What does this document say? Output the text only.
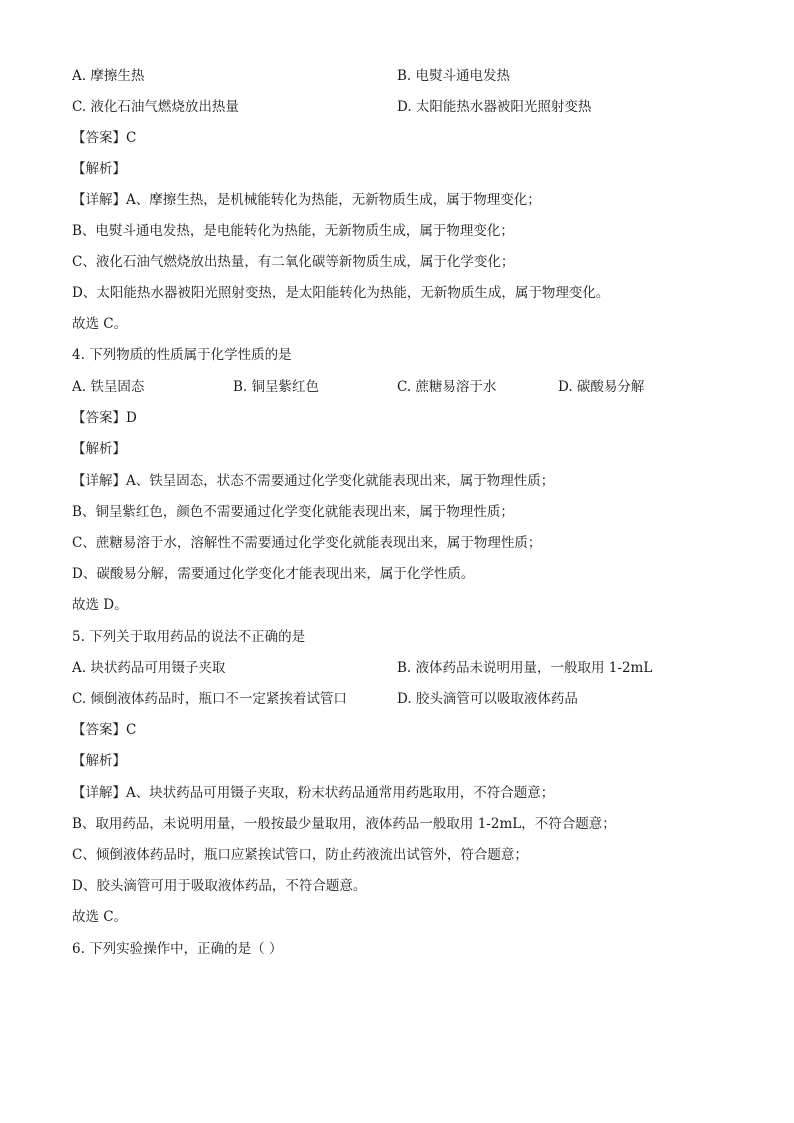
A. 摩擦生热	B. 电熨斗通电发热
C. 液化石油气燃烧放出热量	D. 太阳能热水器被阳光照射变热
【答案】C
【解析】
【详解】A、摩擦生热，是机械能转化为热能，无新物质生成，属于物理变化；
B、电熨斗通电发热，是电能转化为热能，无新物质生成，属于物理变化；
C、液化石油气燃烧放出热量，有二氧化碳等新物质生成，属于化学变化；
D、太阳能热水器被阳光照射变热，是太阳能转化为热能，无新物质生成，属于物理变化。
故选 C。
4. 下列物质的性质属于化学性质的是
A. 铁呈固态	B. 铜呈紫红色	C. 蔗糖易溶于水	D. 碳酸易分解
【答案】D
【解析】
【详解】A、铁呈固态，状态不需要通过化学变化就能表现出来，属于物理性质；
B、铜呈紫红色，颜色不需要通过化学变化就能表现出来，属于物理性质；
C、蔗糖易溶于水，溶解性不需要通过化学变化就能表现出来，属于物理性质；
D、碳酸易分解，需要通过化学变化才能表现出来，属于化学性质。
故选 D。
5. 下列关于取用药品的说法不正确的是
A. 块状药品可用镊子夹取	B. 液体药品未说明用量，一般取用 1-2mL
C. 倾倒液体药品时，瓶口不一定紧挨着试管口	D. 胶头滴管可以吸取液体药品
【答案】C
【解析】
【详解】A、块状药品可用镊子夹取，粉末状药品通常用药匙取用，不符合题意；
B、取用药品，未说明用量，一般按最少量取用，液体药品一般取用 1-2mL，不符合题意；
C、倾倒液体药品时，瓶口应紧挨试管口，防止药液流出试管外，符合题意；
D、胶头滴管可用于吸取液体药品，不符合题意。
故选 C。
6. 下列实验操作中，正确的是（ ）
